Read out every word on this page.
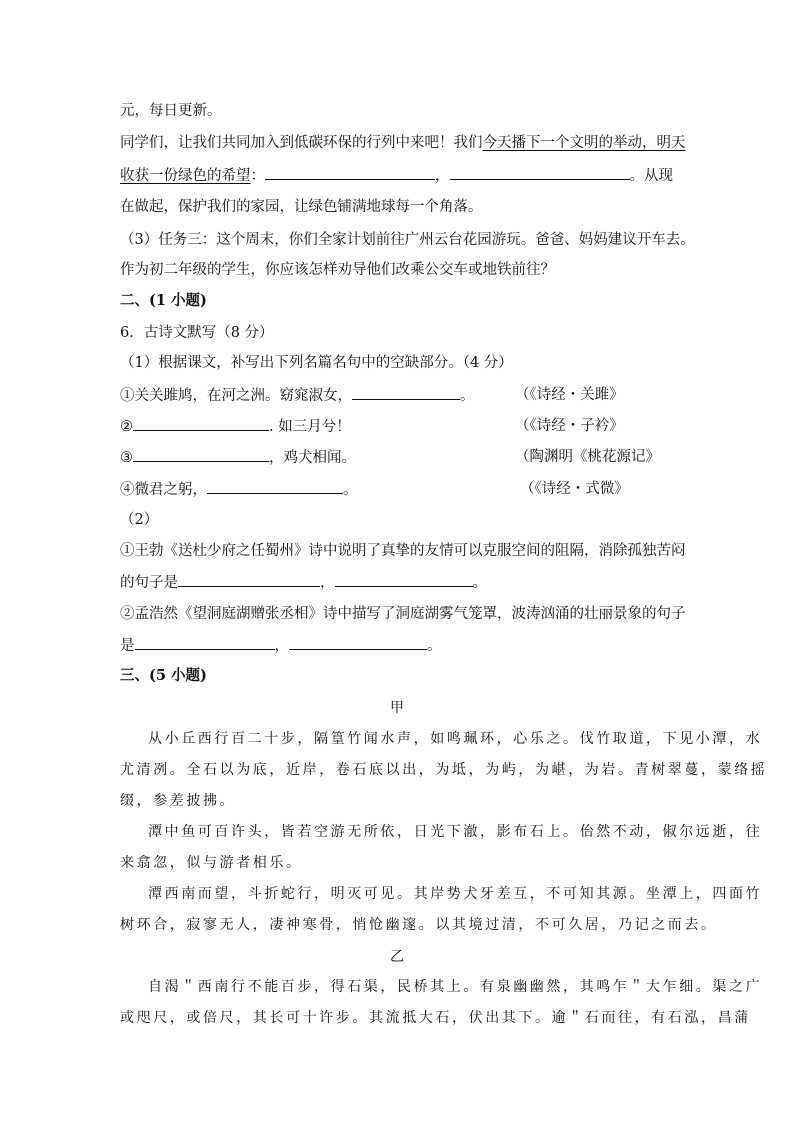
元，每日更新。
同学们，让我们共同加入到低碳环保的行列中来吧！我们今天播下一个文明的举动，明天
收获一份绿色的希望：	，	。从现
在做起，保护我们的家园，让绿色铺满地球每一个角落。
（3）任务三：这个周末，你们全家计划前往广州云台花园游玩。爸爸、妈妈建议开车去。
作为初二年级的学生，你应该怎样劝导他们改乘公交车或地铁前往？
二、(1 小题)
6．古诗文默写（8 分）
（1）根据课文，补写出下列名篇名句中的空缺部分。（4 分）
①关关雎鸠，在河之洲。窈窕淑女，	。	（《诗经・关雎》
②	. 如三月兮！	（《诗经・子衿》
③	，鸡犬相闻。	（陶渊明《桃花源记》
④微君之躬，	。	（《诗经・式微》
（2）
①王勃《送杜少府之任蜀州》诗中说明了真挚的友情可以克服空间的阻隔，消除孤独苦闷
的句子是	，	。
②孟浩然《望洞庭湖赠张丞相》诗中描写了洞庭湖雾气笼罩，波涛汹涌的壮丽景象的句子
是	，	。
三、(5 小题)
甲
从小丘西行百二十步，隔篁竹闻水声，如鸣珮环，心乐之。伐竹取道，下见小潭，水
尤清冽。全石以为底，近岸，卷石底以出，为坻，为屿，为嵁，为岩。青树翠蔓，蒙络摇
缀，参差披拂。
潭中鱼可百许头，皆若空游无所依，日光下澈，影布石上。佁然不动，俶尔远逝，往
来翕忽，似与游者相乐。
潭西南而望，斗折蛇行，明灭可见。其岸势犬牙差互，不可知其源。坐潭上，四面竹
树环合，寂寥无人，凄神寒骨，悄怆幽邃。以其境过清，不可久居，乃记之而去。
乙
自渴＂西南行不能百步，得石渠，民桥其上。有泉幽幽然，其鸣乍＂大乍细。渠之广
或咫尺，或倍尺，其长可十许步。其流抵大石，伏出其下。逾＂石而往，有石泓，昌蒲
